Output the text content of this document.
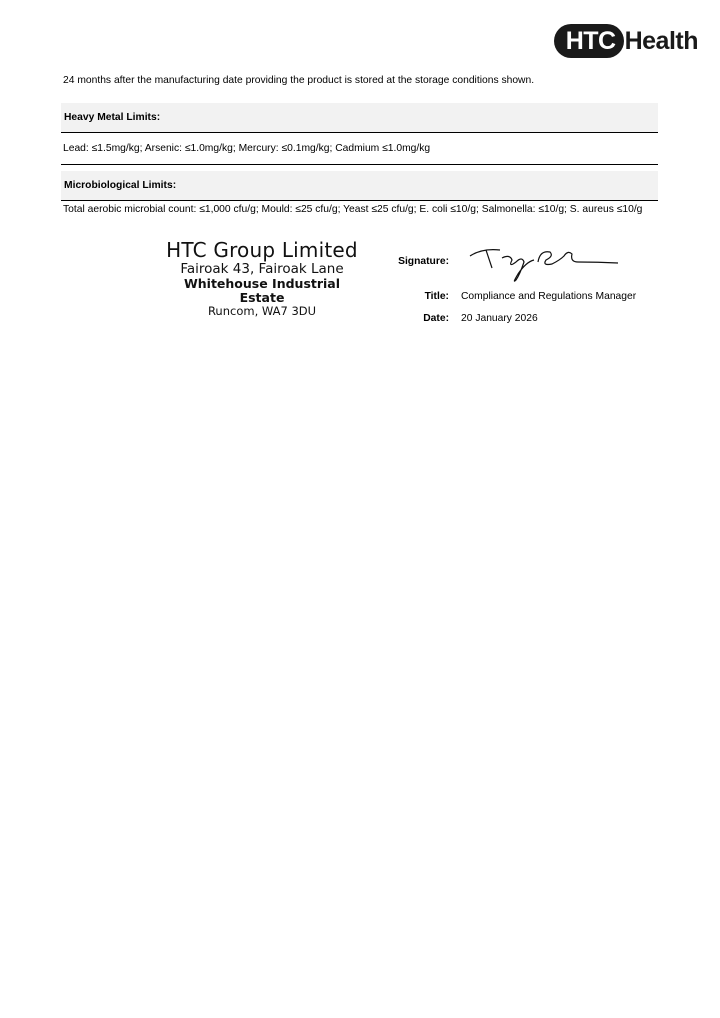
HTC Health
24 months after the manufacturing date providing the product is stored at the storage conditions shown.
Heavy Metal Limits:
Lead: ≤1.5mg/kg; Arsenic: ≤1.0mg/kg; Mercury: ≤0.1mg/kg; Cadmium ≤1.0mg/kg
Microbiological Limits:
Total aerobic microbial count: ≤1,000 cfu/g; Mould: ≤25 cfu/g; Yeast ≤25 cfu/g; E. coli ≤10/g; Salmonella: ≤10/g; S. aureus ≤10/g
HTC Group Limited
Fairoak 43, Fairoak Lane
Whitehouse Industrial Estate
Runcom, WA7 3DU
Signature:
Title: Compliance and Regulations Manager
Date: 20 January 2026
